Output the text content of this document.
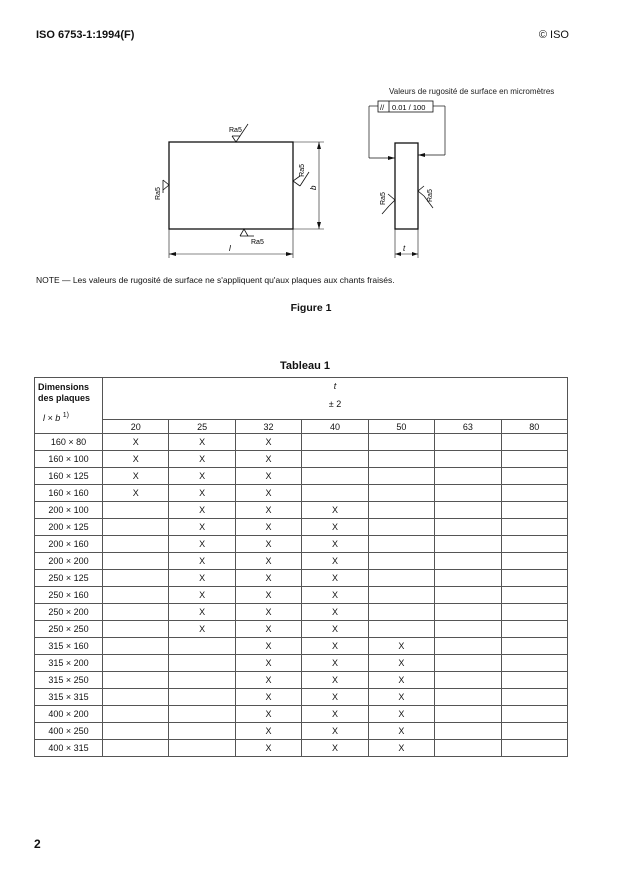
ISO 6753-1:1994(F)	© ISO
Valeurs de rugosité de surface en micromètres
Ra5
Ra5
Ra5
Ra5
l
b
// 0.01 / 100
Ra5	Ra5
t
NOTE — Les valeurs de rugosité de surface ne s'appliquent qu'aux plaques aux chants fraisés.
Figure 1
Tableau 1
Dimensions
des plaques
l × b $^{1)}$	t
± 2						

	20	25	32	40	50	63	80
160 × 80	X	X	X				
160 × 100	X	X	X				
160 × 125	X	X	X				
160 × 160	X	X	X				
200 × 100		X	X	X			
200 × 125		X	X	X			
200 × 160		X	X	X			
200 × 200		X	X	X			
250 × 125		X	X	X			
250 × 160		X	X	X			
250 × 200		X	X	X			
250 × 250		X	X	X			
315 × 160			X	X	X		
315 × 200			X	X	X		
315 × 250			X	X	X		
315 × 315			X	X	X		
400 × 200			X	X	X		
400 × 250			X	X	X		
400 × 315			X	X	X		
2
